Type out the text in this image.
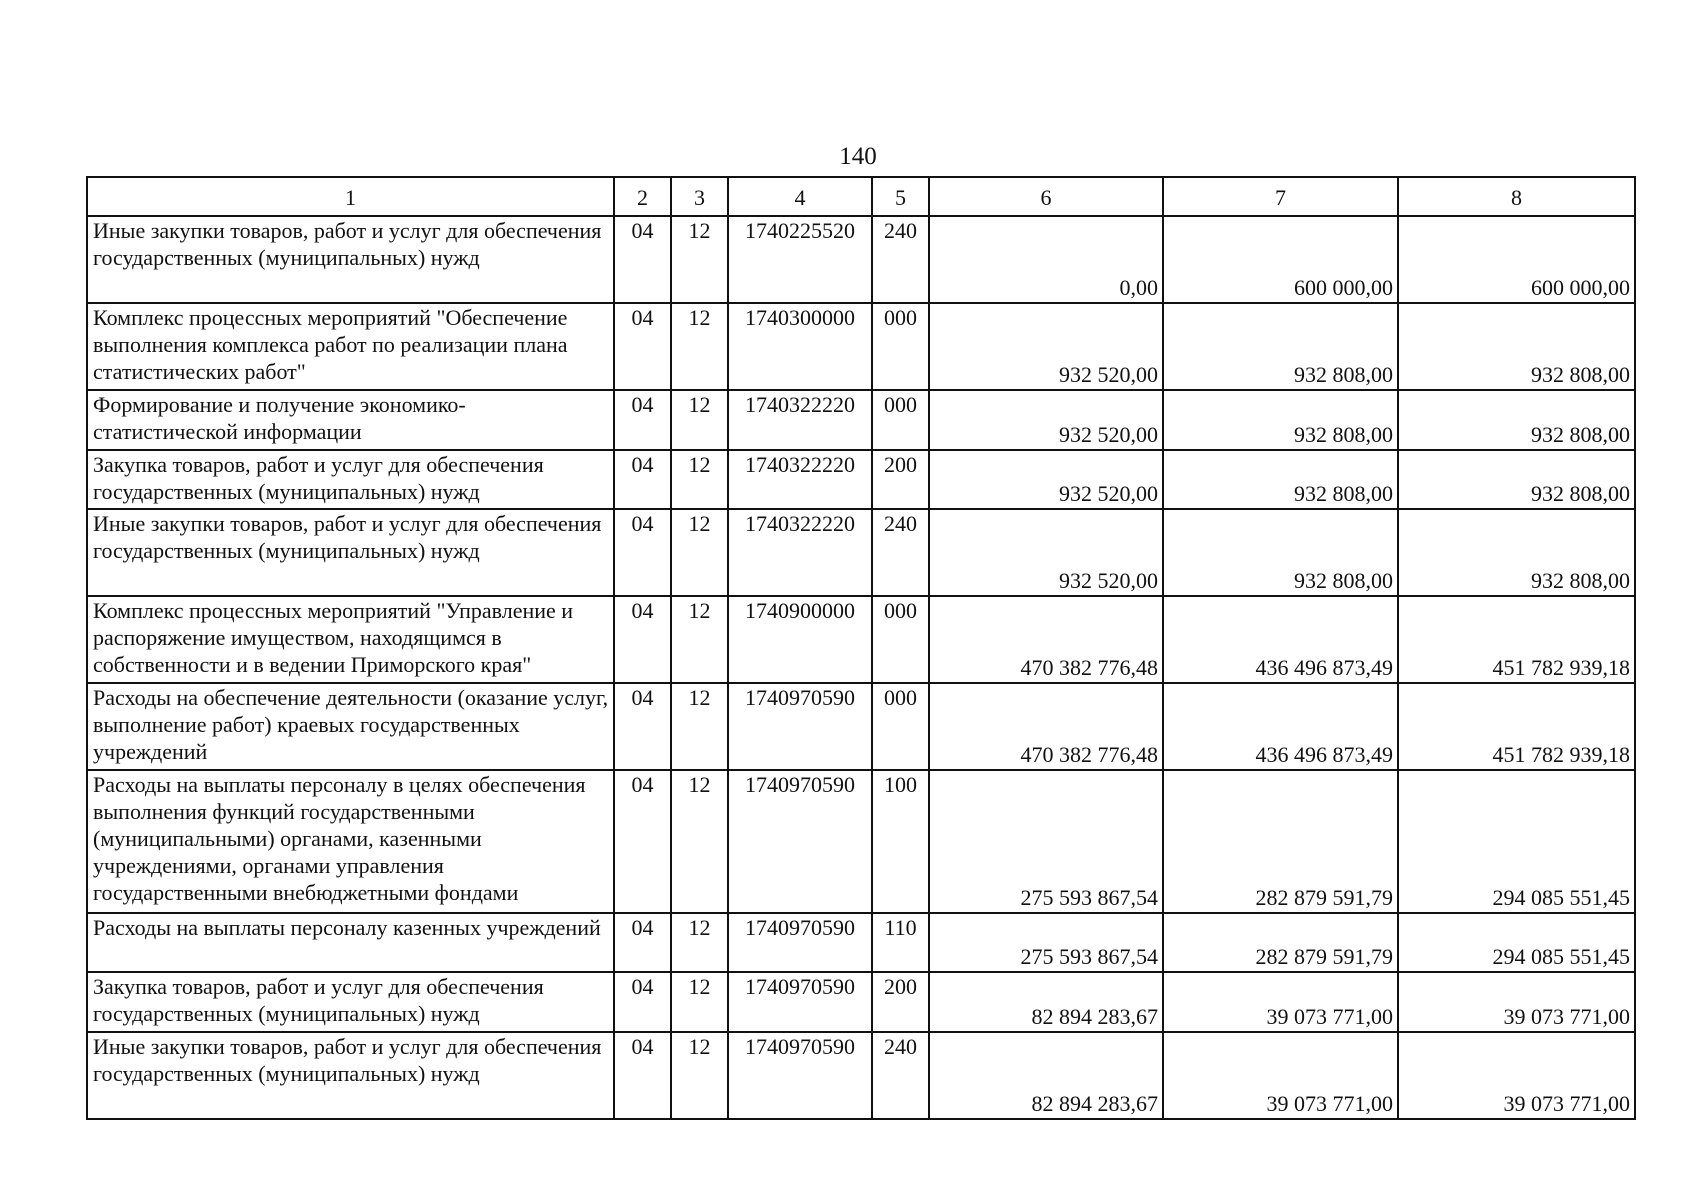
140
1	2	3	4	5	6	7	8
Иные закупки товаров, работ и услуг для обеспечения государственных (муниципальных) нужд	04	12	1740225520	240	0,00	600 000,00	600 000,00
Комплекс процессных мероприятий "Обеспечение выполнения комплекса работ по реализации плана статистических работ"	04	12	1740300000	000	932 520,00	932 808,00	932 808,00
Формирование и получение экономико-статистической информации	04	12	1740322220	000	932 520,00	932 808,00	932 808,00
Закупка товаров, работ и услуг для обеспечения государственных (муниципальных) нужд	04	12	1740322220	200	932 520,00	932 808,00	932 808,00
Иные закупки товаров, работ и услуг для обеспечения государственных (муниципальных) нужд	04	12	1740322220	240	932 520,00	932 808,00	932 808,00
Комплекс процессных мероприятий "Управление и распоряжение имуществом, находящимся в собственности и в ведении Приморского края"	04	12	1740900000	000	470 382 776,48	436 496 873,49	451 782 939,18
Расходы на обеспечение деятельности (оказание услуг, выполнение работ) краевых государственных учреждений	04	12	1740970590	000	470 382 776,48	436 496 873,49	451 782 939,18
Расходы на выплаты персоналу в целях обеспечения выполнения функций государственными (муниципальными) органами, казенными учреждениями, органами управления государственными внебюджетными фондами	04	12	1740970590	100	275 593 867,54	282 879 591,79	294 085 551,45
Расходы на выплаты персоналу казенных учреждений	04	12	1740970590	110	275 593 867,54	282 879 591,79	294 085 551,45
Закупка товаров, работ и услуг для обеспечения государственных (муниципальных) нужд	04	12	1740970590	200	82 894 283,67	39 073 771,00	39 073 771,00
Иные закупки товаров, работ и услуг для обеспечения государственных (муниципальных) нужд	04	12	1740970590	240	82 894 283,67	39 073 771,00	39 073 771,00
